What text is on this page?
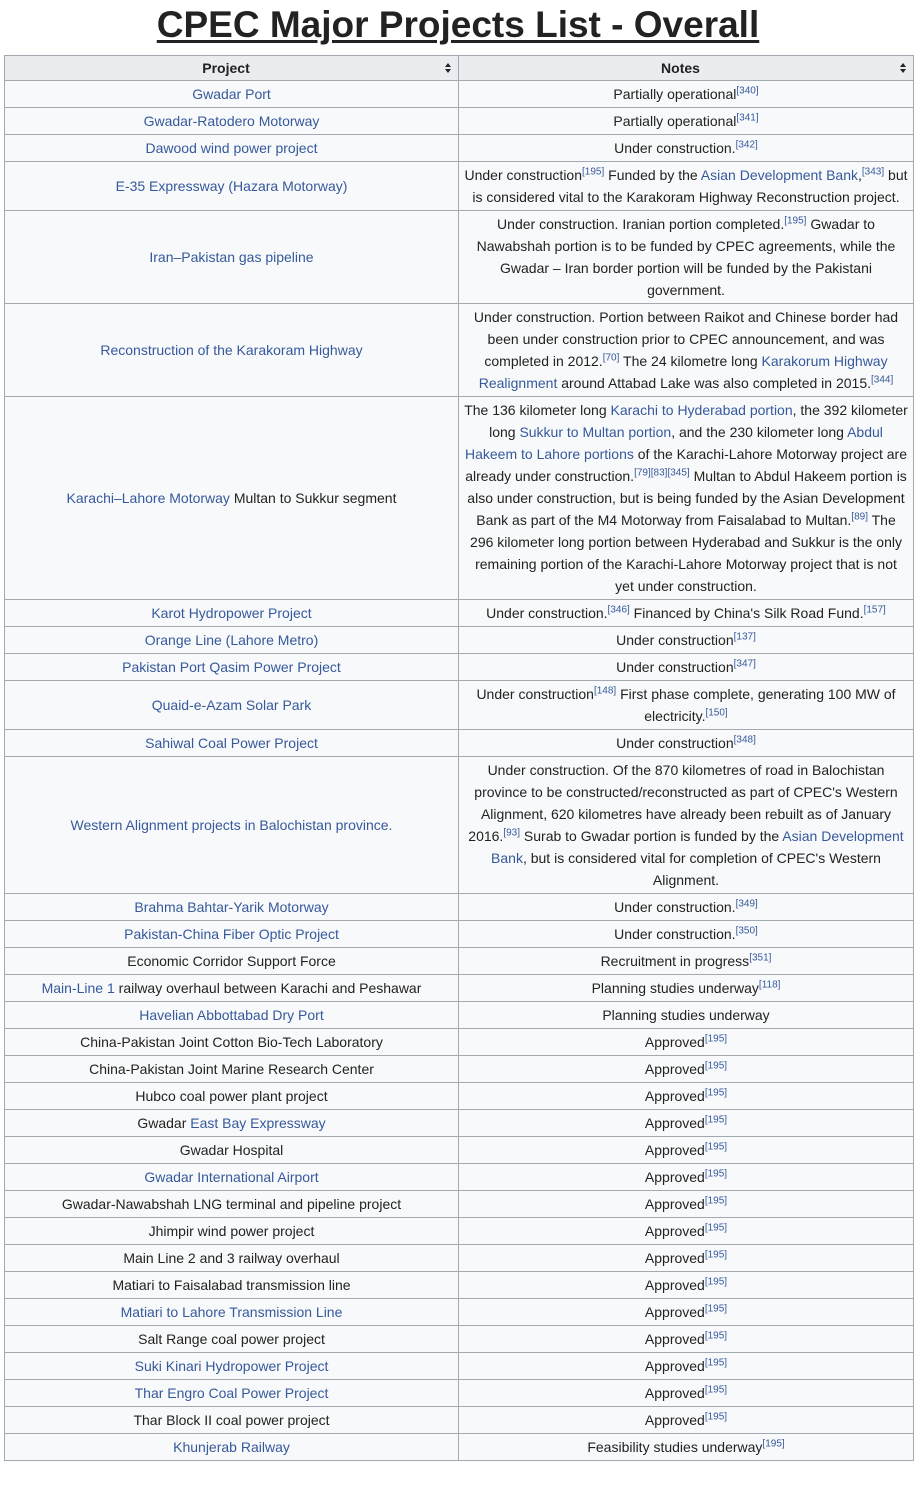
CPEC Major Projects List - Overall
Project	Notes

Gwadar Port	Partially operational[340]
Gwadar-Ratodero Motorway	Partially operational[341]
Dawood wind power project	Under construction.[342]
E-35 Expressway (Hazara Motorway)	Under construction[195] Funded by the Asian Development Bank,[343] but is considered vital to the Karakoram Highway Reconstruction project.
Iran–Pakistan gas pipeline	Under construction. Iranian portion completed.[195] Gwadar to Nawabshah portion is to be funded by CPEC agreements, while the Gwadar – Iran border portion will be funded by the Pakistani government.
Reconstruction of the Karakoram Highway	Under construction. Portion between Raikot and Chinese border had been under construction prior to CPEC announcement, and was completed in 2012.[70] The 24 kilometre long Karakorum Highway Realignment around Attabad Lake was also completed in 2015.[344]
Karachi–Lahore Motorway Multan to Sukkur segment	The 136 kilometer long Karachi to Hyderabad portion, the 392 kilometer long Sukkur to Multan portion, and the 230 kilometer long Abdul Hakeem to Lahore portions of the Karachi-Lahore Motorway project are already under construction.[79][83][345] Multan to Abdul Hakeem portion is also under construction, but is being funded by the Asian Development Bank as part of the M4 Motorway from Faisalabad to Multan.[89] The 296 kilometer long portion between Hyderabad and Sukkur is the only remaining portion of the Karachi-Lahore Motorway project that is not yet under construction.
Karot Hydropower Project	Under construction.[346] Financed by China's Silk Road Fund.[157]
Orange Line (Lahore Metro)	Under construction[137]
Pakistan Port Qasim Power Project	Under construction[347]
Quaid-e-Azam Solar Park	Under construction[148] First phase complete, generating 100 MW of electricity.[150]
Sahiwal Coal Power Project	Under construction[348]
Western Alignment projects in Balochistan province.	Under construction. Of the 870 kilometres of road in Balochistan province to be constructed/reconstructed as part of CPEC's Western Alignment, 620 kilometres have already been rebuilt as of January 2016.[93] Surab to Gwadar portion is funded by the Asian Development Bank, but is considered vital for completion of CPEC's Western Alignment.
Brahma Bahtar-Yarik Motorway	Under construction.[349]
Pakistan-China Fiber Optic Project	Under construction.[350]
Economic Corridor Support Force	Recruitment in progress[351]
Main-Line 1 railway overhaul between Karachi and Peshawar	Planning studies underway[118]
Havelian Abbottabad Dry Port	Planning studies underway
China-Pakistan Joint Cotton Bio-Tech Laboratory	Approved[195]
China-Pakistan Joint Marine Research Center	Approved[195]
Hubco coal power plant project	Approved[195]
Gwadar East Bay Expressway	Approved[195]
Gwadar Hospital	Approved[195]
Gwadar International Airport	Approved[195]
Gwadar-Nawabshah LNG terminal and pipeline project	Approved[195]
Jhimpir wind power project	Approved[195]
Main Line 2 and 3 railway overhaul	Approved[195]
Matiari to Faisalabad transmission line	Approved[195]
Matiari to Lahore Transmission Line	Approved[195]
Salt Range coal power project	Approved[195]
Suki Kinari Hydropower Project	Approved[195]
Thar Engro Coal Power Project	Approved[195]
Thar Block II coal power project	Approved[195]
Khunjerab Railway	Feasibility studies underway[195]
